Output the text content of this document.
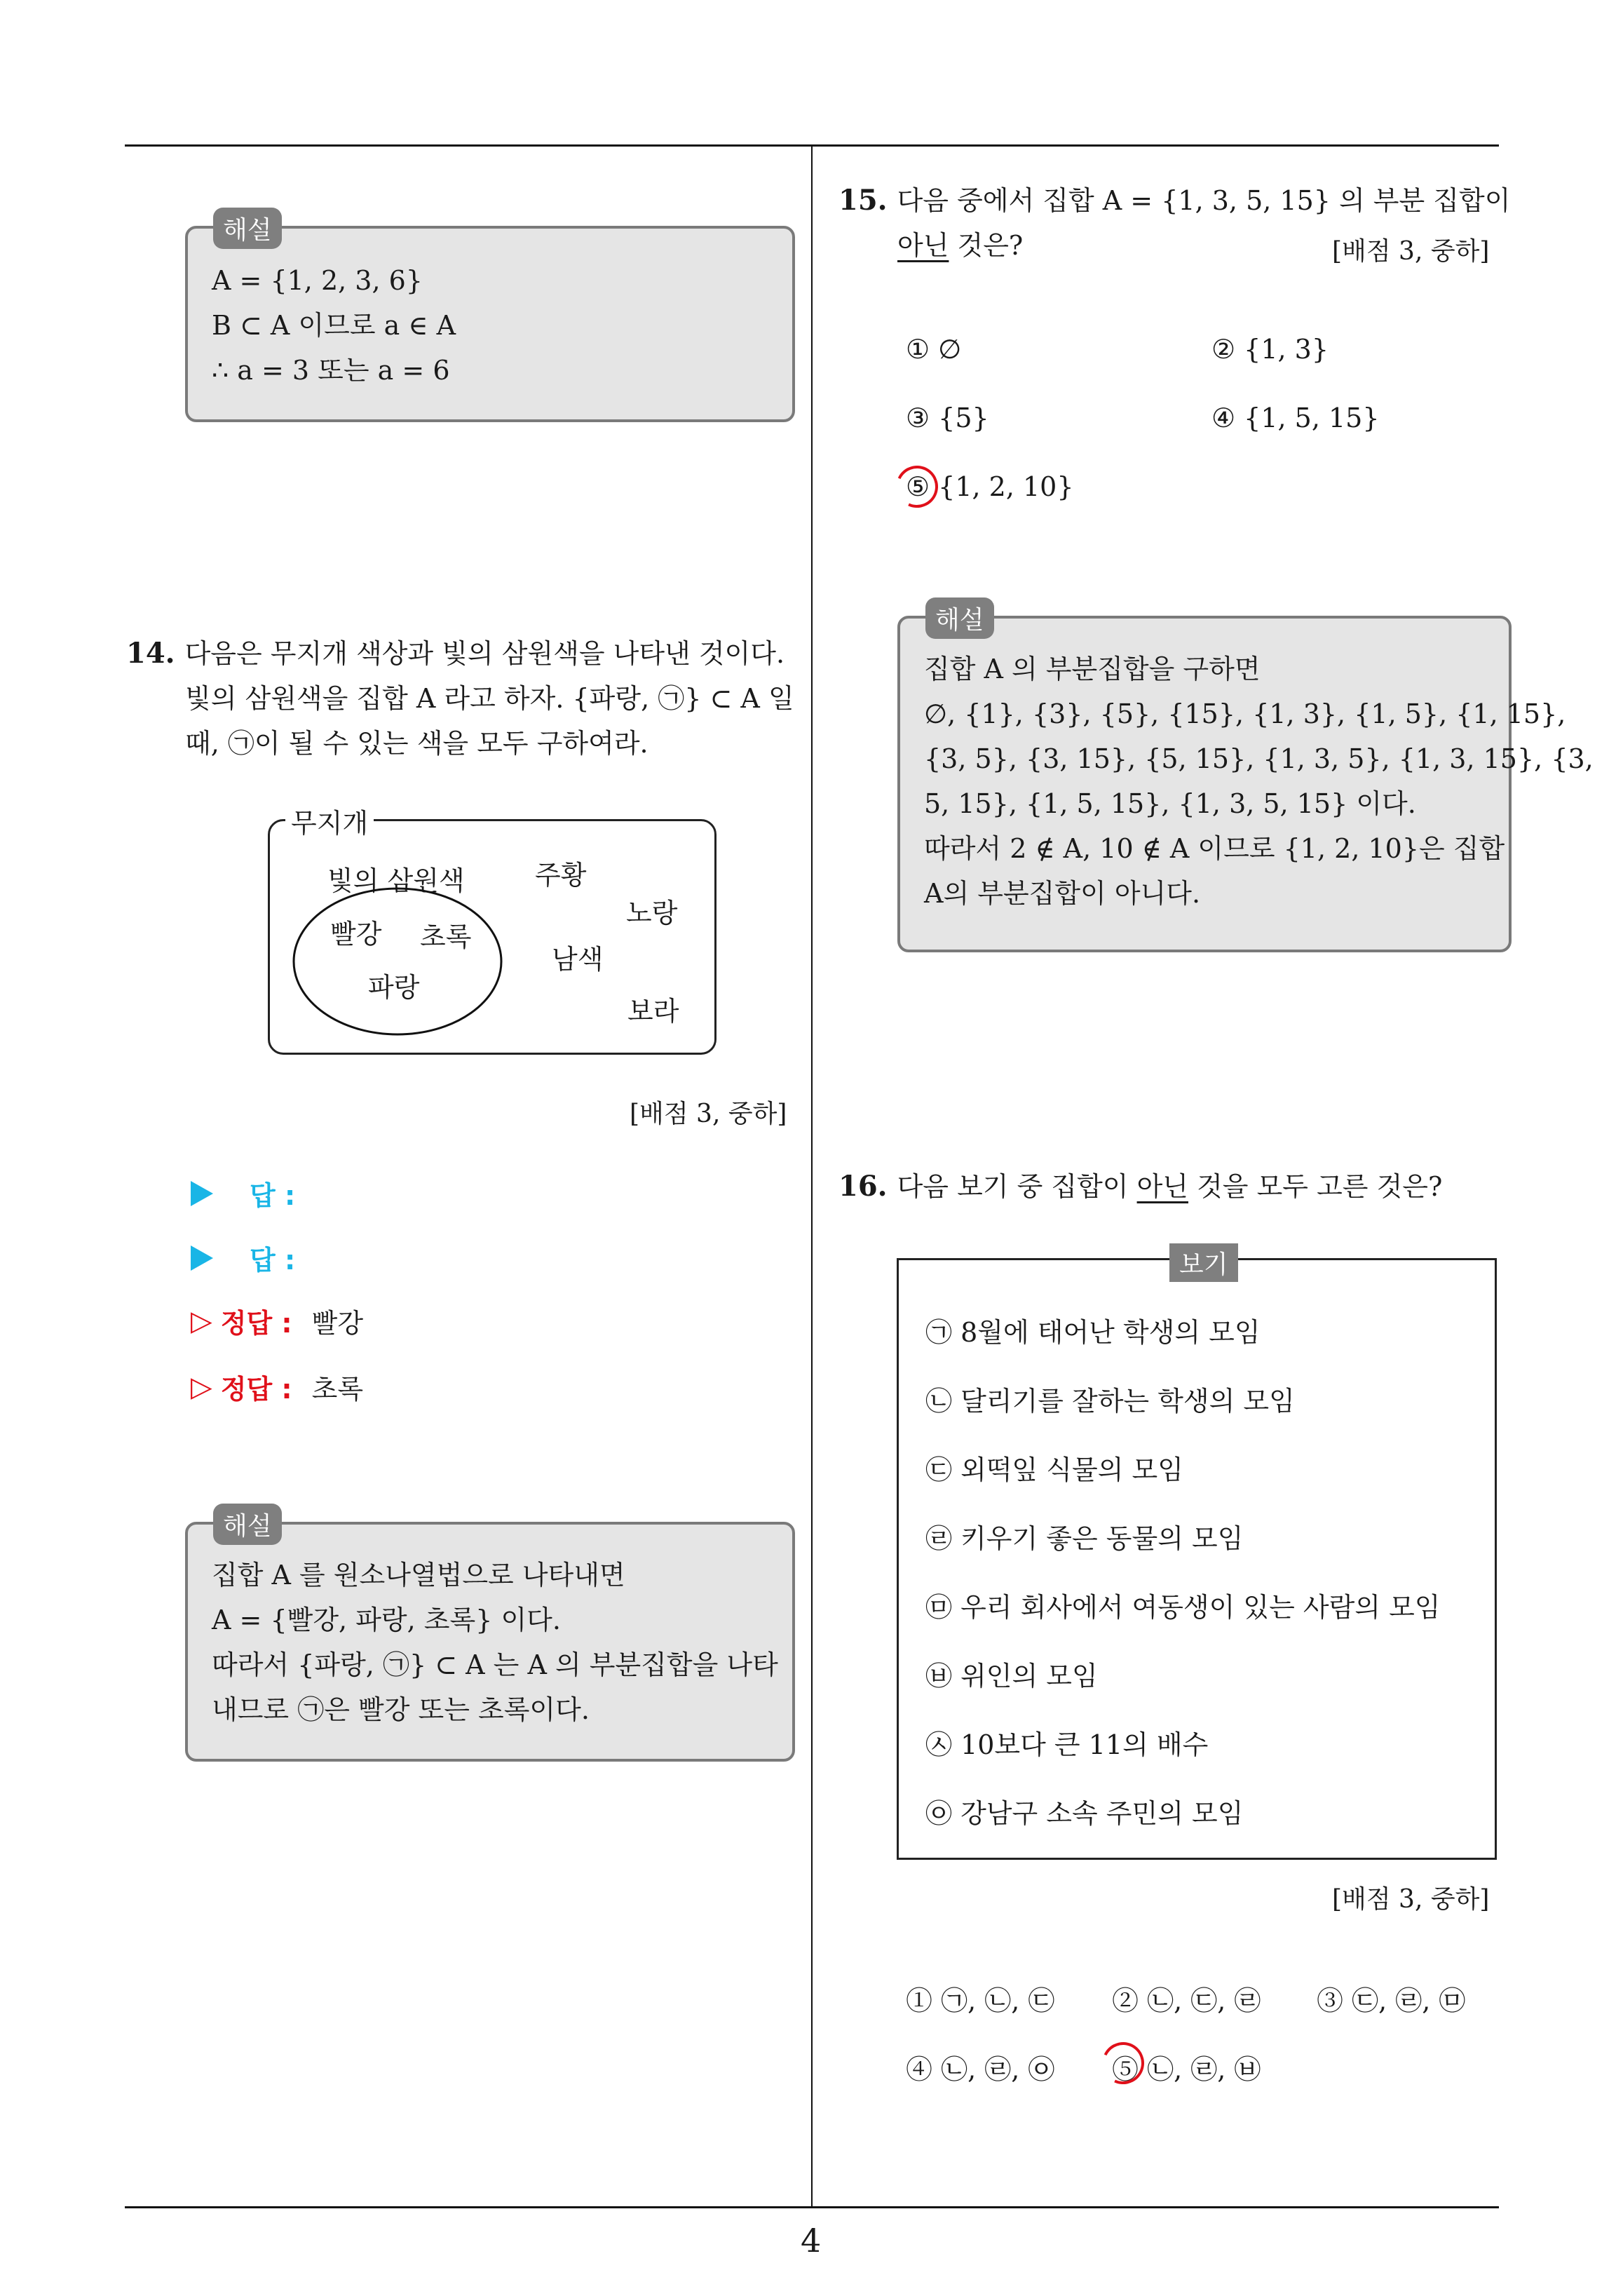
해설
A = {1, 2, 3, 6}
B ⊂ A 이므로 a ∈ A
∴ a = 3 또는 a = 6
14. 다음은 무지개 색상과 빛의 삼원색을 나타낸 것이다.
빛의 삼원색을 집합 A 라고 하자. {파랑, ㉠} ⊂ A 일
때, ㉠이 될 수 있는 색을 모두 구하여라.
무지개
빛의 삼원색
빨강 초록
파랑
주황
노랑
남색
보라
[배점 3, 중하]
답 :
답 :
▷ 정답 : 빨강
▷ 정답 : 초록
해설
집합 A 를 원소나열법으로 나타내면
A = {빨강, 파랑, 초록} 이다.
따라서 {파랑, ㉠} ⊂ A 는 A 의 부분집합을 나타
내므로 ㉠은 빨강 또는 초록이다.
15. 다음 중에서 집합 A = {1, 3, 5, 15} 의 부분 집합이
아닌 것은?	[배점 3, 중하]
① ∅	② {1, 3}
③ {5}	④ {1, 5, 15}
⑤ {1, 2, 10}
해설
집합 A 의 부분집합을 구하면
∅, {1}, {3}, {5}, {15}, {1, 3}, {1, 5}, {1, 15},
{3, 5}, {3, 15}, {5, 15}, {1, 3, 5}, {1, 3, 15}, {3,
5, 15}, {1, 5, 15}, {1, 3, 5, 15} 이다.
따라서 2 ∉ A, 10 ∉ A 이므로 {1, 2, 10}은 집합
A의 부분집합이 아니다.
16. 다음 보기 중 집합이 아닌 것을 모두 고른 것은?
보기
㉠ 8월에 태어난 학생의 모임
㉡ 달리기를 잘하는 학생의 모임
㉢ 외떡잎 식물의 모임
㉣ 키우기 좋은 동물의 모임
㉤ 우리 회사에서 여동생이 있는 사람의 모임
㉥ 위인의 모임
㉦ 10보다 큰 11의 배수
㉧ 강남구 소속 주민의 모임
[배점 3, 중하]
① ㉠, ㉡, ㉢ ② ㉡, ㉢, ㉣ ③ ㉢, ㉣, ㉤
④ ㉡, ㉣, ㉧ ⑤ ㉡, ㉣, ㉥
4
